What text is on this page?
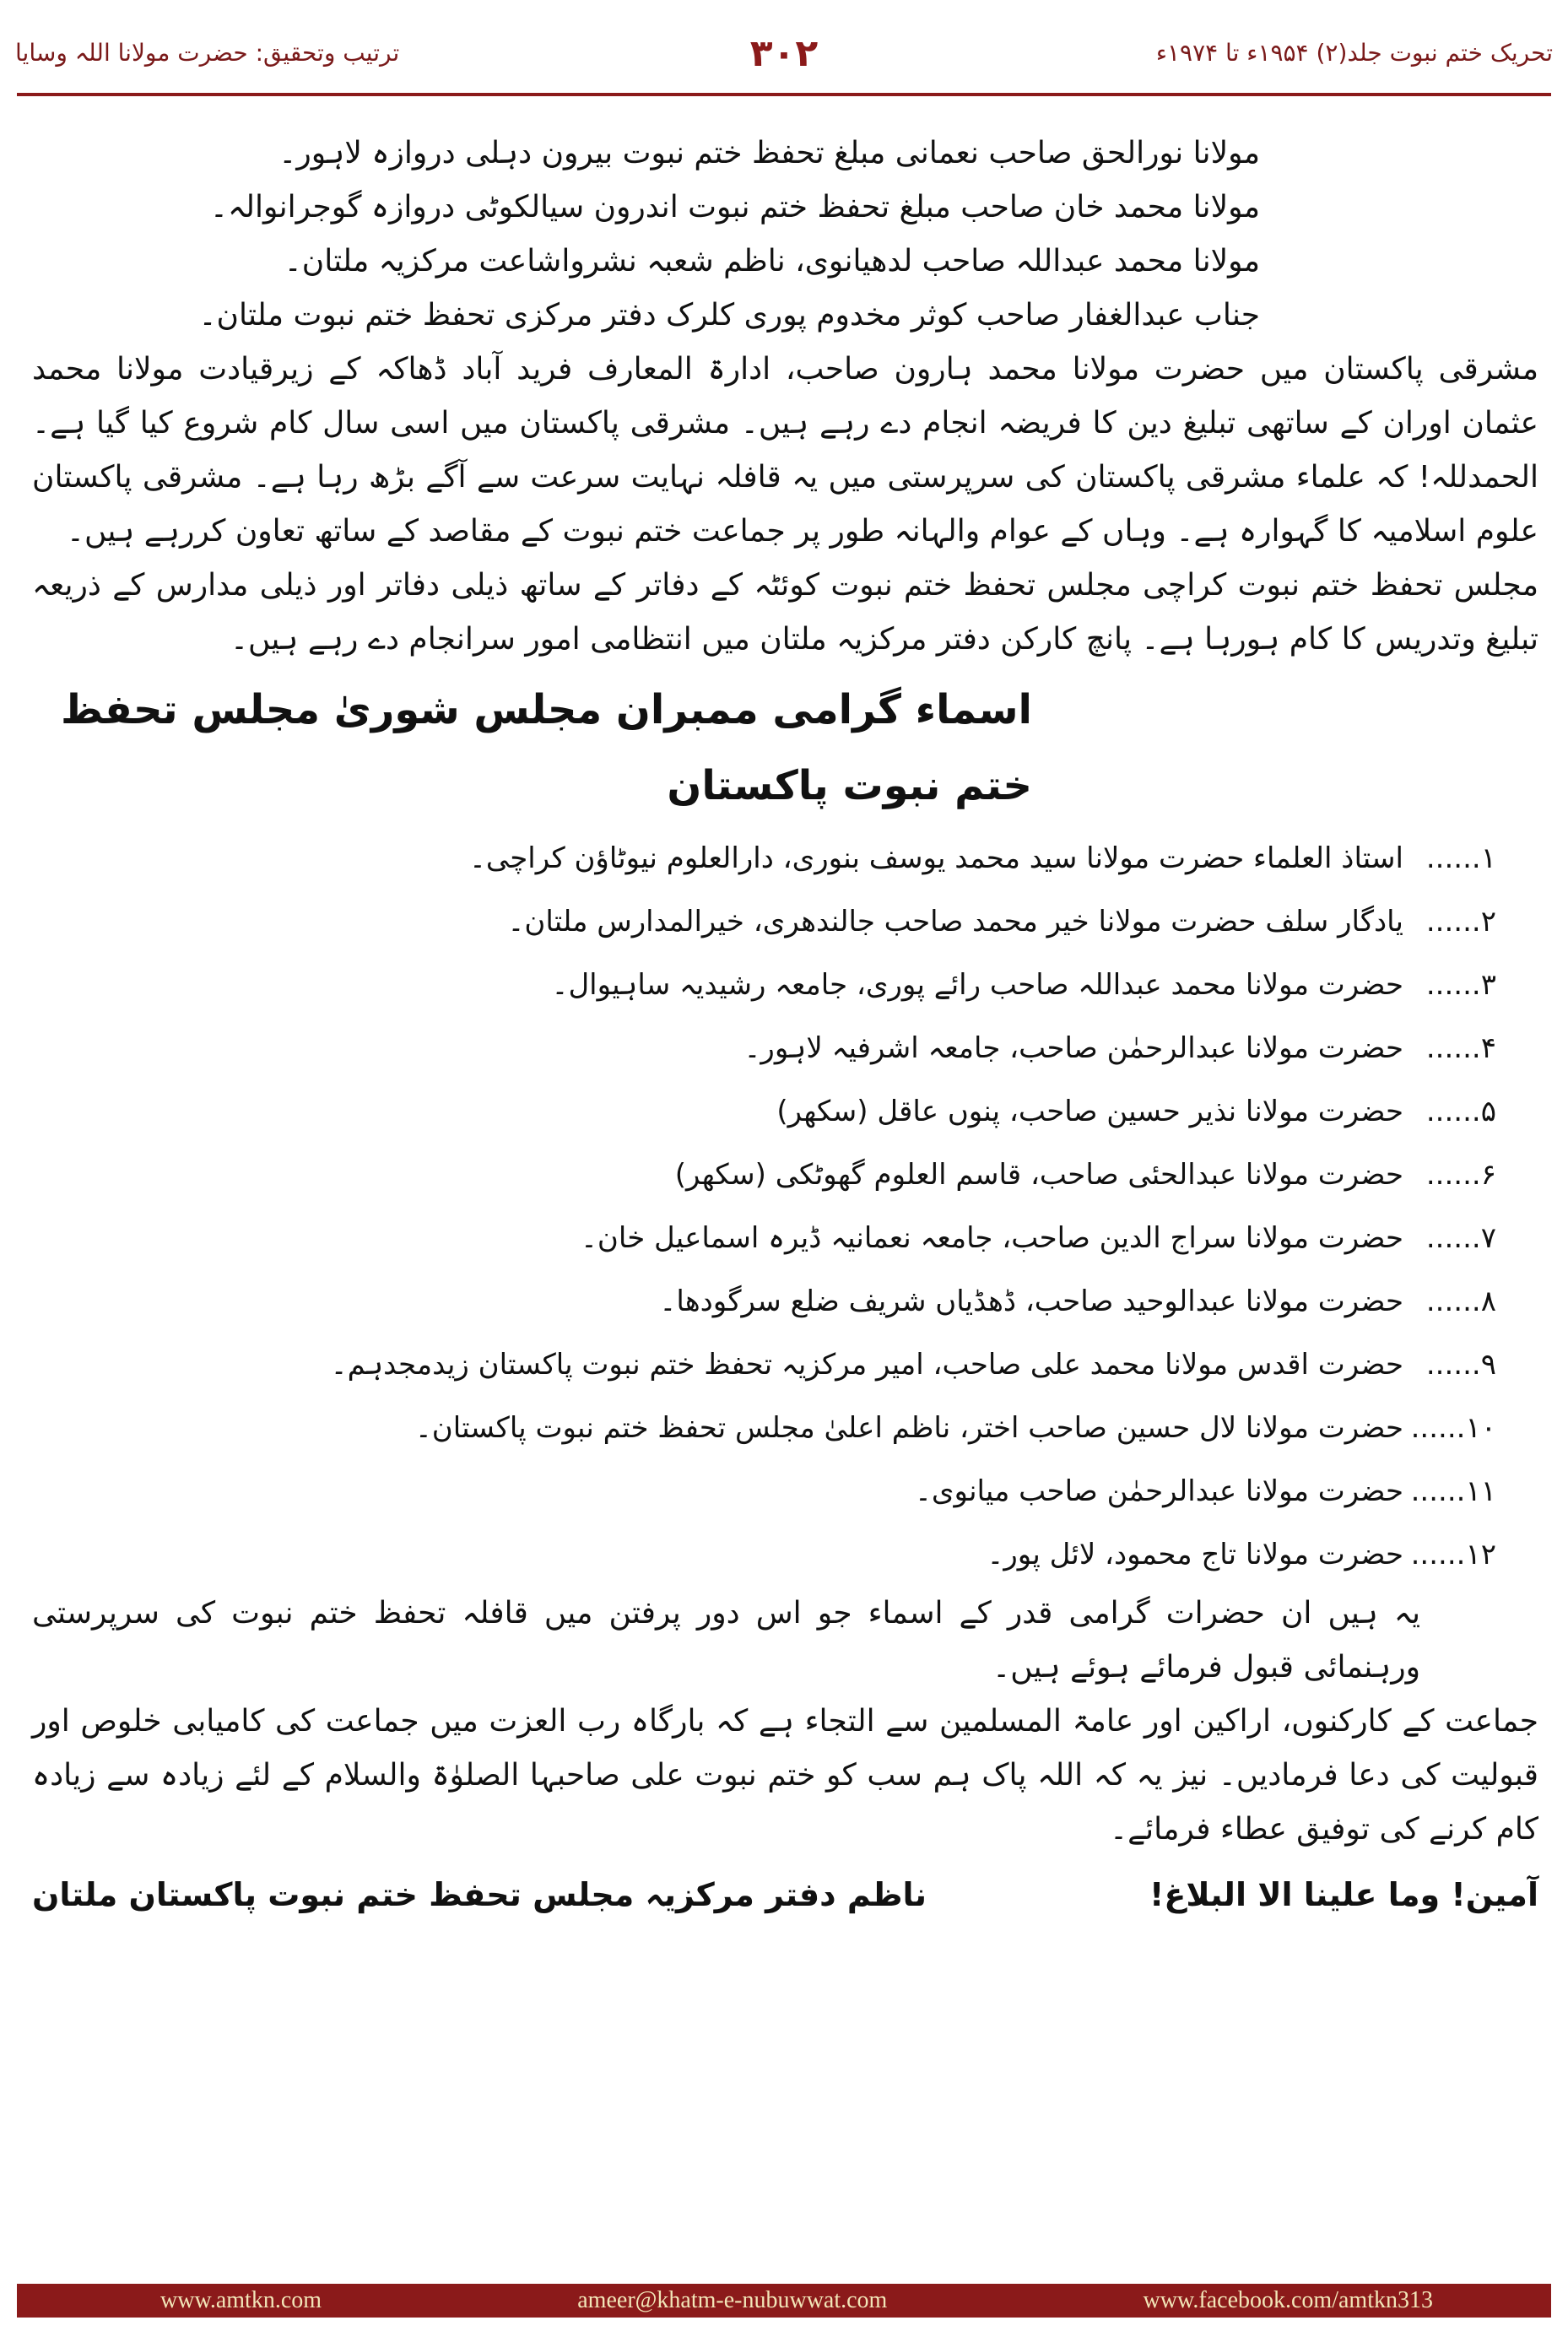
ترتیب وتحقیق: حضرت مولانا اللہ وسایا	۳۰۲	تحریک ختم نبوت جلد(۲) ۱۹۵۴ء تا ۱۹۷۴ء

مولانا نورالحق صاحب نعمانی مبلغ تحفظ ختم نبوت بیرون دہلی دروازہ لاہور۔

مولانا محمد خان صاحب مبلغ تحفظ ختم نبوت اندرون سیالکوٹی دروازہ گوجرانوالہ۔

مولانا محمد عبداللہ صاحب لدھیانوی، ناظم شعبہ نشرواشاعت مرکزیہ ملتان۔

جناب عبدالغفار صاحب کوثر مخدوم پوری کلرک دفتر مرکزی تحفظ ختم نبوت ملتان۔

مشرقی پاکستان میں حضرت مولانا محمد ہارون صاحب، ادارۃ المعارف فرید آباد ڈھاکہ کے زیرقیادت مولانا محمد عثمان اوران کے ساتھی تبلیغ دین کا فریضہ انجام دے رہے ہیں۔ مشرقی پاکستان میں اسی سال کام شروع کیا گیا ہے۔ الحمدللہ! کہ علماء مشرقی پاکستان کی سرپرستی میں یہ قافلہ نہایت سرعت سے آگے بڑھ رہا ہے۔ مشرقی پاکستان علوم اسلامیہ کا گہوارہ ہے۔ وہاں کے عوام والہانہ طور پر جماعت ختم نبوت کے مقاصد کے ساتھ تعاون کررہے ہیں۔

مجلس تحفظ ختم نبوت کراچی مجلس تحفظ ختم نبوت کوئٹہ کے دفاتر کے ساتھ ذیلی دفاتر اور ذیلی مدارس کے ذریعہ تبلیغ وتدریس کا کام ہورہا ہے۔ پانچ کارکن دفتر مرکزیہ ملتان میں انتظامی امور سرانجام دے رہے ہیں۔

اسماء گرامی ممبران مجلس شوریٰ مجلس تحفظ ختم نبوت پاکستان
۱......
استاذ العلماء حضرت مولانا سید محمد یوسف بنوری، دارالعلوم نیوٹاؤن کراچی۔
۲......
یادگار سلف حضرت مولانا خیر محمد صاحب جالندھری، خیرالمدارس ملتان۔
۳......
حضرت مولانا محمد عبداللہ صاحب رائے پوری، جامعہ رشیدیہ ساہیوال۔
۴......
حضرت مولانا عبدالرحمٰن صاحب، جامعہ اشرفیہ لاہور۔
۵......
حضرت مولانا نذیر حسین صاحب، پنوں عاقل (سکھر)
۶......
حضرت مولانا عبدالحئی صاحب، قاسم العلوم گھوٹکی (سکھر)
۷......
حضرت مولانا سراج الدین صاحب، جامعہ نعمانیہ ڈیرہ اسماعیل خان۔
۸......
حضرت مولانا عبدالوحید صاحب، ڈھڈیاں شریف ضلع سرگودھا۔
۹......
حضرت اقدس مولانا محمد علی صاحب، امیر مرکزیہ تحفظ ختم نبوت پاکستان زیدمجدہم۔
۱۰......
حضرت مولانا لال حسین صاحب اختر، ناظم اعلیٰ مجلس تحفظ ختم نبوت پاکستان۔
۱۱......
حضرت مولانا عبدالرحمٰن صاحب میانوی۔
۱۲......
حضرت مولانا تاج محمود، لائل پور۔

یہ ہیں ان حضرات گرامی قدر کے اسماء جو اس دور پرفتن میں قافلہ تحفظ ختم نبوت کی سرپرستی ورہنمائی قبول فرمائے ہوئے ہیں۔

جماعت کے کارکنوں، اراکین اور عامۃ المسلمین سے التجاء ہے کہ بارگاہ رب العزت میں جماعت کی کامیابی خلوص اور قبولیت کی دعا فرمادیں۔ نیز یہ کہ اللہ پاک ہم سب کو ختم نبوت علی صاحبہا الصلوٰۃ والسلام کے لئے زیادہ سے زیادہ کام کرنے کی توفیق عطاء فرمائے۔

آمین! وما علینا الا البلاغ!
ناظم دفتر مرکزیہ مجلس تحفظ ختم نبوت پاکستان ملتان
www.amtkn.com	ameer@khatm-e-nubuwwat.com	www.facebook.com/amtkn313
